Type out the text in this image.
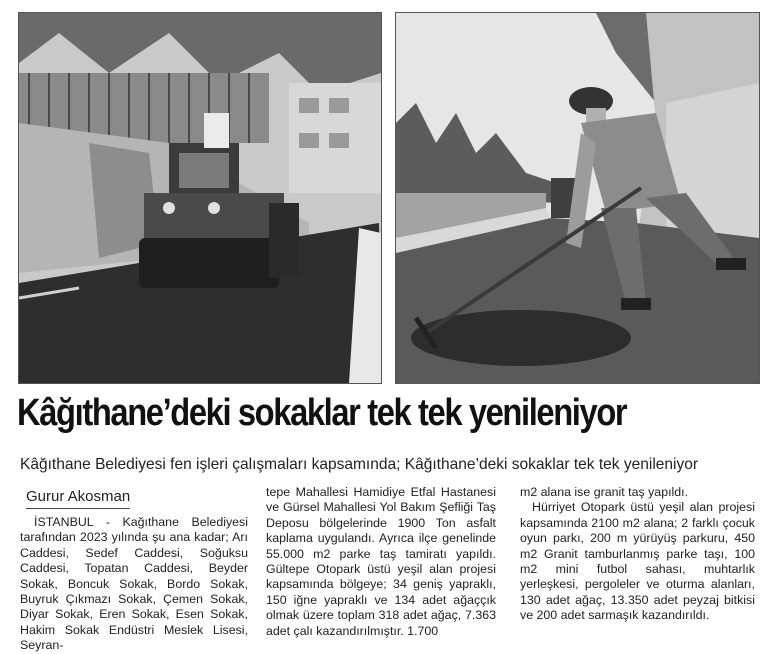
Kâğıthane’deki sokaklar tek tek yenileniyor

Kâğıthane Belediyesi fen işleri çalışmaları kapsamında; Kâğıthane’deki sokaklar tek tek yenileniyor

Gurur Akosman

İSTANBUL - Kağıthane Belediyesi tarafından 2023 yılında şu ana kadar; Arı Caddesi, Sedef Caddesi, Soğuksu Caddesi, Topatan Caddesi, Beyder Sokak, Boncuk Sokak, Bordo Sokak, Buyruk Çıkmazı Sokak, Çemen Sokak, Diyar Sokak, Eren Sokak, Esen Sokak, Hakim Sokak Endüstri Meslek Lisesi, Seyran-

tepe Mahallesi Hamidiye Etfal Hastanesi ve Gürsel Mahallesi Yol Bakım Şefliği Taş Deposu bölgelerinde 1900 Ton asfalt kaplama uygulandı. Ayrıca ilçe genelinde 55.000 m2 parke taş tamiratı yapıldı. Gültepe Otopark üstü yeşil alan projesi kapsamında bölgeye; 34 geniş yapraklı, 150 iğne yapraklı ve 134 adet ağaççık olmak üzere toplam 318 adet ağaç, 7.363 adet çalı kazandırılmıştır. 1.700

m2 alana ise granit taş yapıldı.

Hürriyet Otopark üstü yeşil alan projesi kapsamında 2100 m2 alana; 2 farklı çocuk oyun parkı, 200 m yürüyüş parkuru, 450 m2 Granit tamburlanmış parke taşı, 100 m2 mini futbol sahası, muhtarlık yerleşkesi, pergoleler ve oturma alanları, 130 adet ağaç, 13.350 adet peyzaj bitkisi ve 200 adet sarmaşık kazandırıldı.
